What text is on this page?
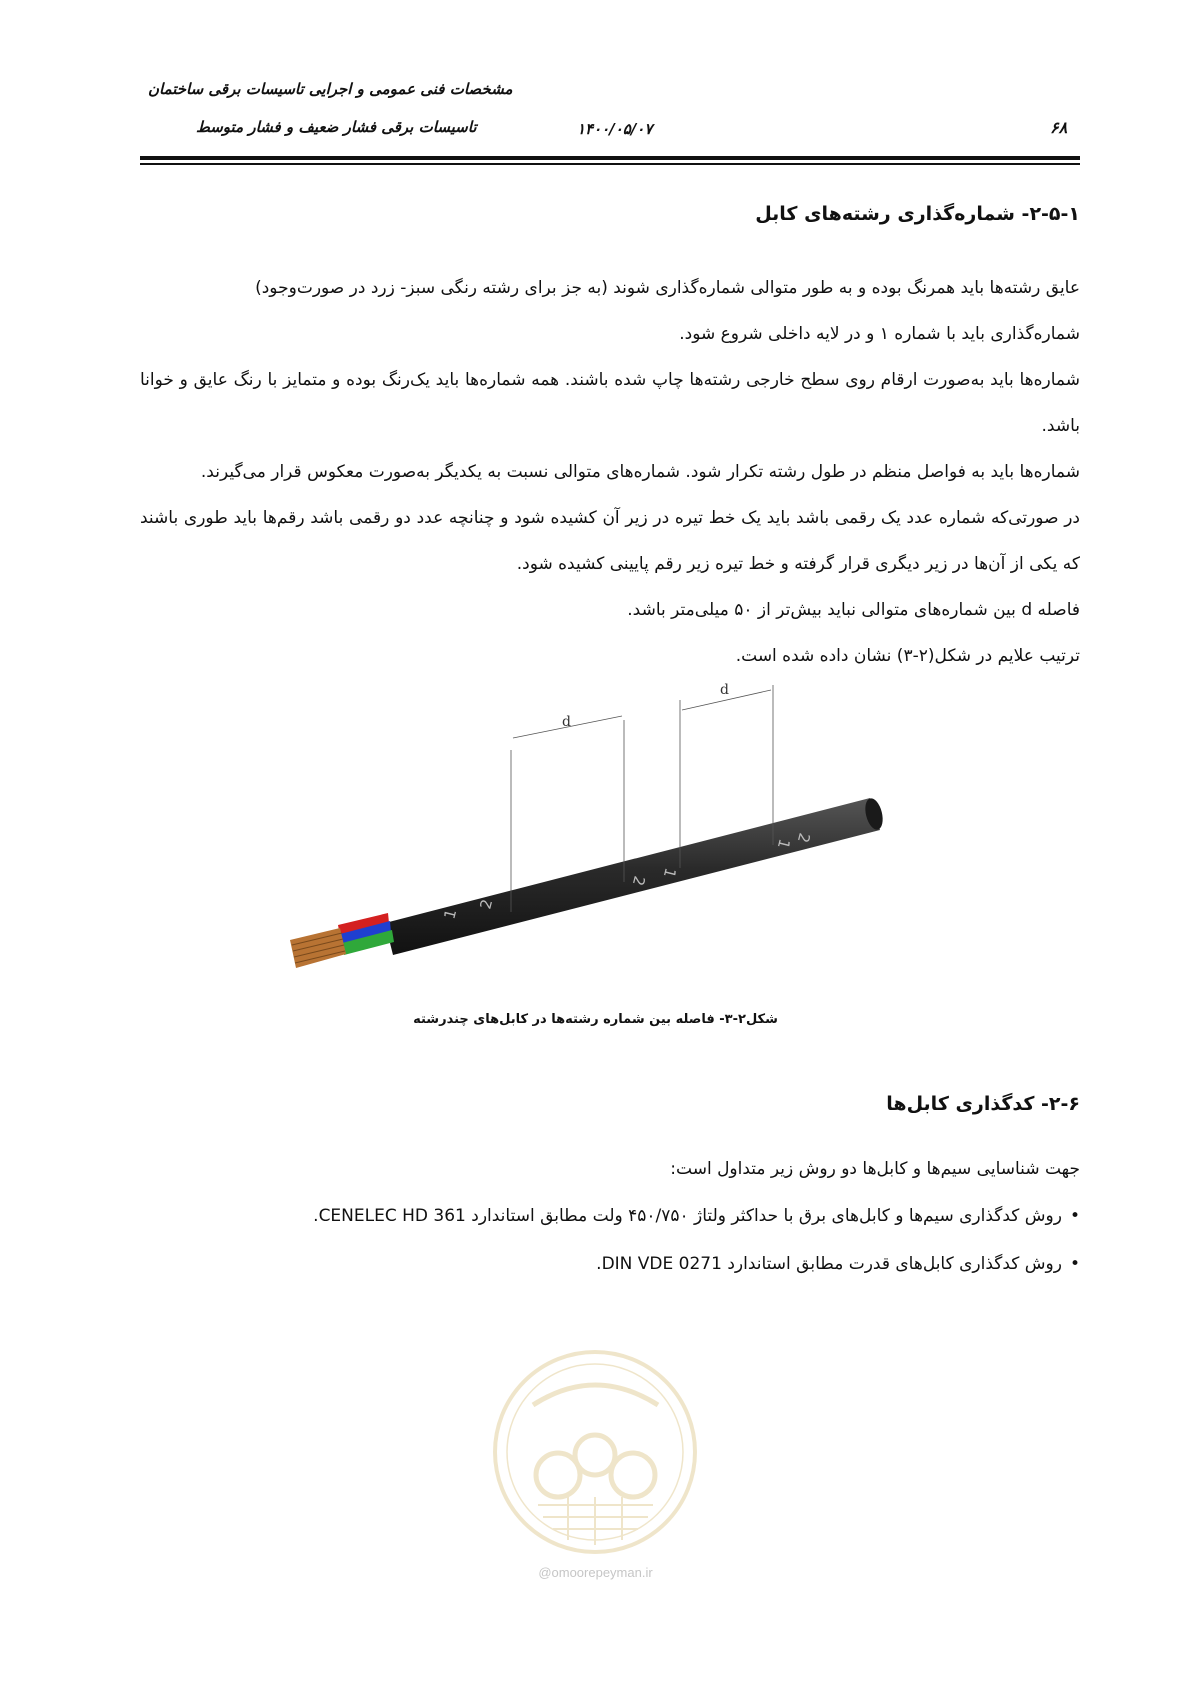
مشخصات فنی عمومی و اجرایی تاسیسات برقی ساختمان
تاسیسات برقی فشار ضعیف و فشار متوسط	۱۴۰۰/۰۵/۰۷	۶۸
۲-۵-۱- شماره‌گذاری رشته‌های کابل

عایق رشته‌ها باید همرنگ بوده و به طور متوالی شماره‌گذاری شوند (به جز برای رشته رنگی سبز- زرد در صورت‌وجود)

شماره‌گذاری باید با شماره ۱ و در لایه داخلی شروع شود.

شماره‌ها باید به‌صورت ارقام روی سطح خارجی رشته‌ها چاپ شده باشند. همه شماره‌ها باید یک‌رنگ بوده و متمایز با رنگ عایق و خوانا باشد.

شماره‌ها باید به فواصل منظم در طول رشته تکرار شود. شماره‌های متوالی نسبت به یکدیگر به‌صورت معکوس قرار می‌گیرند.

در صورتی‌که شماره عدد یک رقمی باشد باید یک خط تیره در زیر آن کشیده شود و چنانچه عدد دو رقمی باشد رقم‌ها باید طوری باشند که یکی از آن‌ها در زیر دیگری قرار گرفته و خط تیره زیر رقم پایینی کشیده شود.

فاصله d بین شماره‌های متوالی نباید بیش‌تر از ۵۰ میلی‌متر باشد.

ترتیب علایم در شکل(۲-۳) نشان داده شده است.

d
d
1
2
2
1
1 2
شکل۲-۳- فاصله بین شماره رشته‌ها در کابل‌های چندرشته
۲-۶- کدگذاری کابل‌ها

جهت شناسایی سیم‌ها و کابل‌ها دو روش زیر متداول است:

• روش کدگذاری سیم‌ها و کابل‌های برق با حداکثر ولتاژ ۴۵۰/۷۵۰ ولت مطابق استاندارد CENELEC HD 361.
• روش کدگذاری کابل‌های قدرت مطابق استاندارد DIN VDE 0271.
@omoorepeyman.ir
